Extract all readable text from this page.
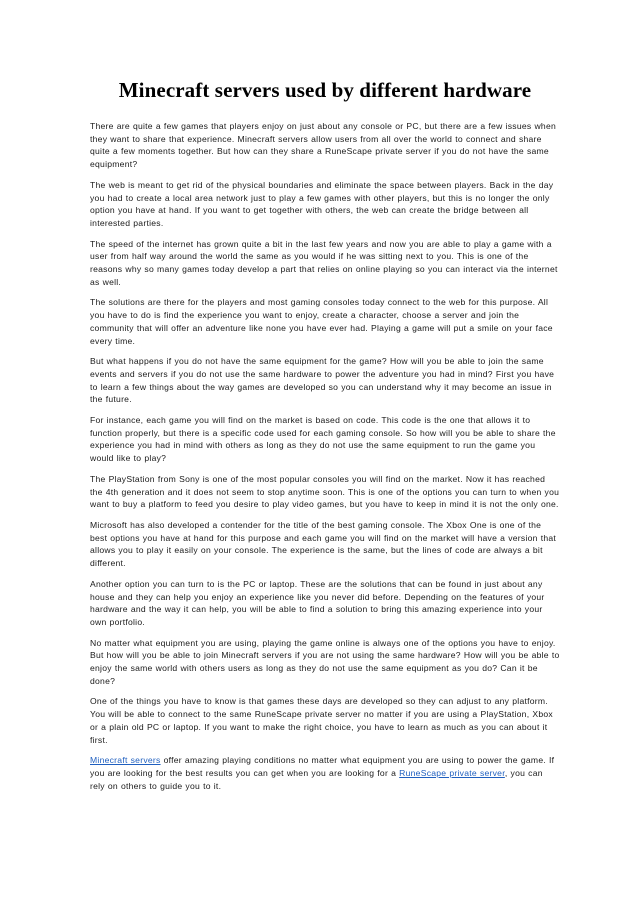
Minecraft servers used by different hardware

There are quite a few games that players enjoy on just about any console or PC, but there are a few issues when they want to share that experience. Minecraft servers allow users from all over the world to connect and share quite a few moments together. But how can they share a RuneScape private server if you do not have the same equipment?

The web is meant to get rid of the physical boundaries and eliminate the space between players. Back in the day you had to create a local area network just to play a few games with other players, but this is no longer the only option you have at hand. If you want to get together with others, the web can create the bridge between all interested parties.

The speed of the internet has grown quite a bit in the last few years and now you are able to play a game with a user from half way around the world the same as you would if he was sitting next to you. This is one of the reasons why so many games today develop a part that relies on online playing so you can interact via the internet as well.

The solutions are there for the players and most gaming consoles today connect to the web for this purpose. All you have to do is find the experience you want to enjoy, create a character, choose a server and join the community that will offer an adventure like none you have ever had. Playing a game will put a smile on your face every time.

But what happens if you do not have the same equipment for the game? How will you be able to join the same events and servers if you do not use the same hardware to power the adventure you had in mind? First you have to learn a few things about the way games are developed so you can understand why it may become an issue in the future.

For instance, each game you will find on the market is based on code. This code is the one that allows it to function properly, but there is a specific code used for each gaming console. So how will you be able to share the experience you had in mind with others as long as they do not use the same equipment to run the game you would like to play?

The PlayStation from Sony is one of the most popular consoles you will find on the market. Now it has reached the 4th generation and it does not seem to stop anytime soon. This is one of the options you can turn to when you want to buy a platform to feed you desire to play video games, but you have to keep in mind it is not the only one.

Microsoft has also developed a contender for the title of the best gaming console. The Xbox One is one of the best options you have at hand for this purpose and each game you will find on the market will have a version that allows you to play it easily on your console. The experience is the same, but the lines of code are always a bit different.

Another option you can turn to is the PC or laptop. These are the solutions that can be found in just about any house and they can help you enjoy an experience like you never did before. Depending on the features of your hardware and the way it can help, you will be able to find a solution to bring this amazing experience into your own portfolio.

No matter what equipment you are using, playing the game online is always one of the options you have to enjoy. But how will you be able to join Minecraft servers if you are not using the same hardware? How will you be able to enjoy the same world with others users as long as they do not use the same equipment as you do? Can it be done?

One of the things you have to know is that games these days are developed so they can adjust to any platform. You will be able to connect to the same RuneScape private server no matter if you are using a PlayStation, Xbox or a plain old PC or laptop. If you want to make the right choice, you have to learn as much as you can about it first.

Minecraft servers offer amazing playing conditions no matter what equipment you are using to power the game. If you are looking for the best results you can get when you are looking for a RuneScape private server, you can rely on others to guide you to it.
